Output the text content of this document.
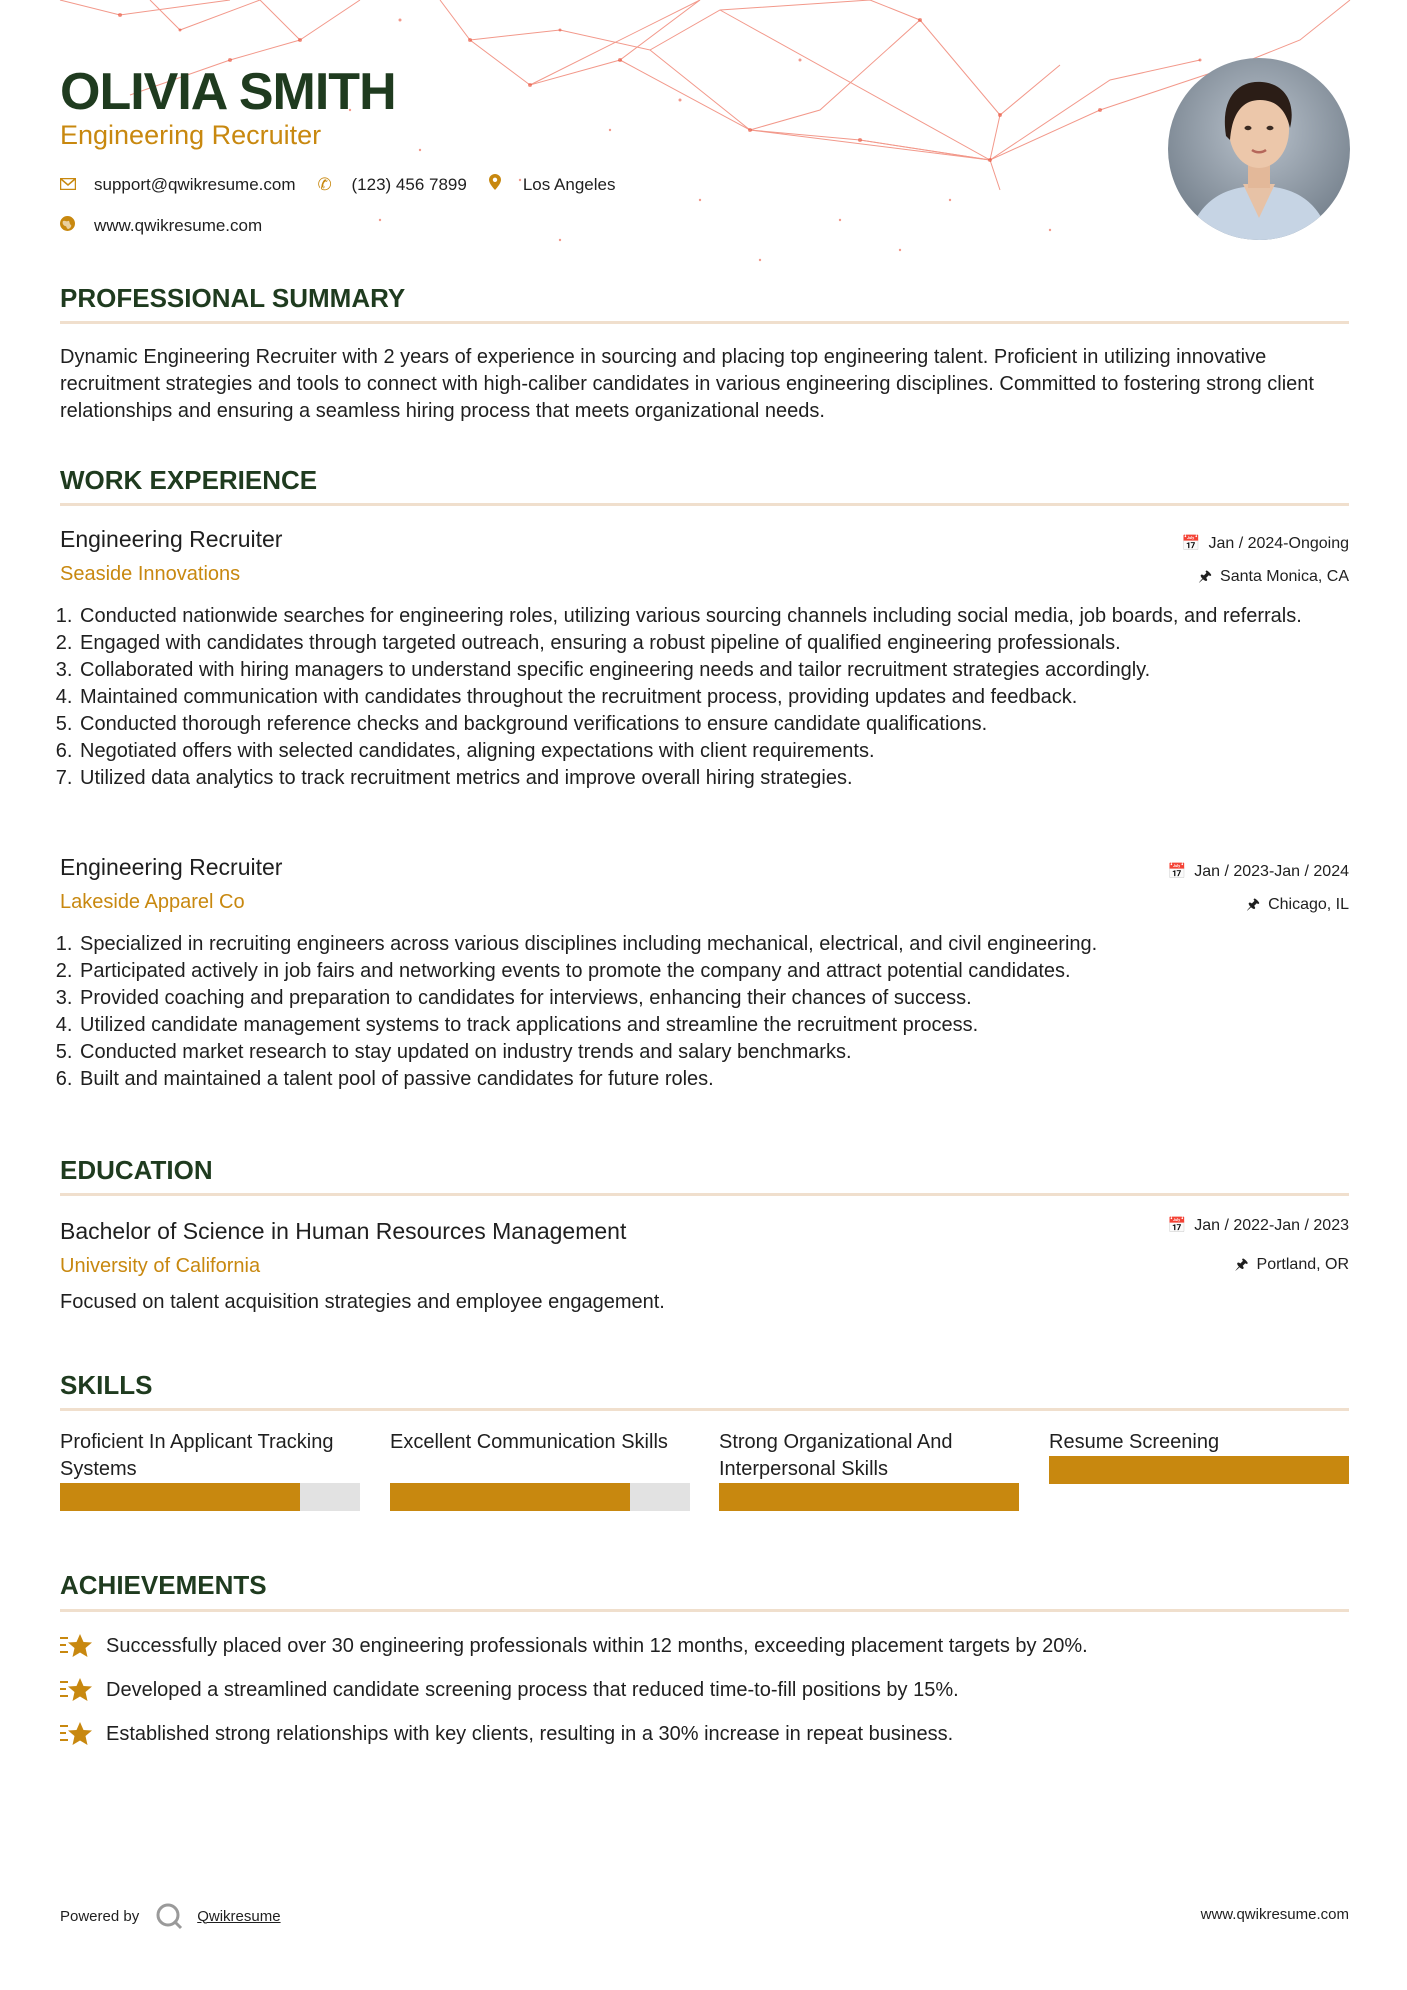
OLIVIA SMITH
Engineering Recruiter
support@qwikresume.com ✆	(123) 456 7899	Los Angeles
www.qwikresume.com
PROFESSIONAL SUMMARY
Dynamic Engineering Recruiter with 2 years of experience in sourcing and placing top engineering talent. Proficient in utilizing innovative recruitment strategies and tools to connect with high-caliber candidates in various engineering disciplines. Committed to fostering strong client relationships and ensuring a seamless hiring process that meets organizational needs.
WORK EXPERIENCE
Engineering Recruiter
Seaside Innovations
📅 Jan / 2024-Ongoing
🖈 Santa Monica, CA
1. Conducted nationwide searches for engineering roles, utilizing various sourcing channels including social media, job boards, and referrals.
2. Engaged with candidates through targeted outreach, ensuring a robust pipeline of qualified engineering professionals.
3. Collaborated with hiring managers to understand specific engineering needs and tailor recruitment strategies accordingly.
4. Maintained communication with candidates throughout the recruitment process, providing updates and feedback.
5. Conducted thorough reference checks and background verifications to ensure candidate qualifications.
6. Negotiated offers with selected candidates, aligning expectations with client requirements.
7. Utilized data analytics to track recruitment metrics and improve overall hiring strategies.
Engineering Recruiter
Lakeside Apparel Co
📅 Jan / 2023-Jan / 2024
🖈 Chicago, IL
1. Specialized in recruiting engineers across various disciplines including mechanical, electrical, and civil engineering.
2. Participated actively in job fairs and networking events to promote the company and attract potential candidates.
3. Provided coaching and preparation to candidates for interviews, enhancing their chances of success.
4. Utilized candidate management systems to track applications and streamline the recruitment process.
5. Conducted market research to stay updated on industry trends and salary benchmarks.
6. Built and maintained a talent pool of passive candidates for future roles.
EDUCATION
Bachelor of Science in Human Resources Management
University of California
📅 Jan / 2022-Jan / 2023
🖈 Portland, OR
Focused on talent acquisition strategies and employee engagement.
SKILLS
Proficient In Applicant Tracking Systems
Excellent Communication Skills	Strong Organizational And Interpersonal Skills
Resume Screening
ACHIEVEMENTS
Successfully placed over 30 engineering professionals within 12 months, exceeding placement targets by 20%.
Developed a streamlined candidate screening process that reduced time-to-fill positions by 15%.
Established strong relationships with key clients, resulting in a 30% increase in repeat business.
Powered by	Qwikresume	www.qwikresume.com
